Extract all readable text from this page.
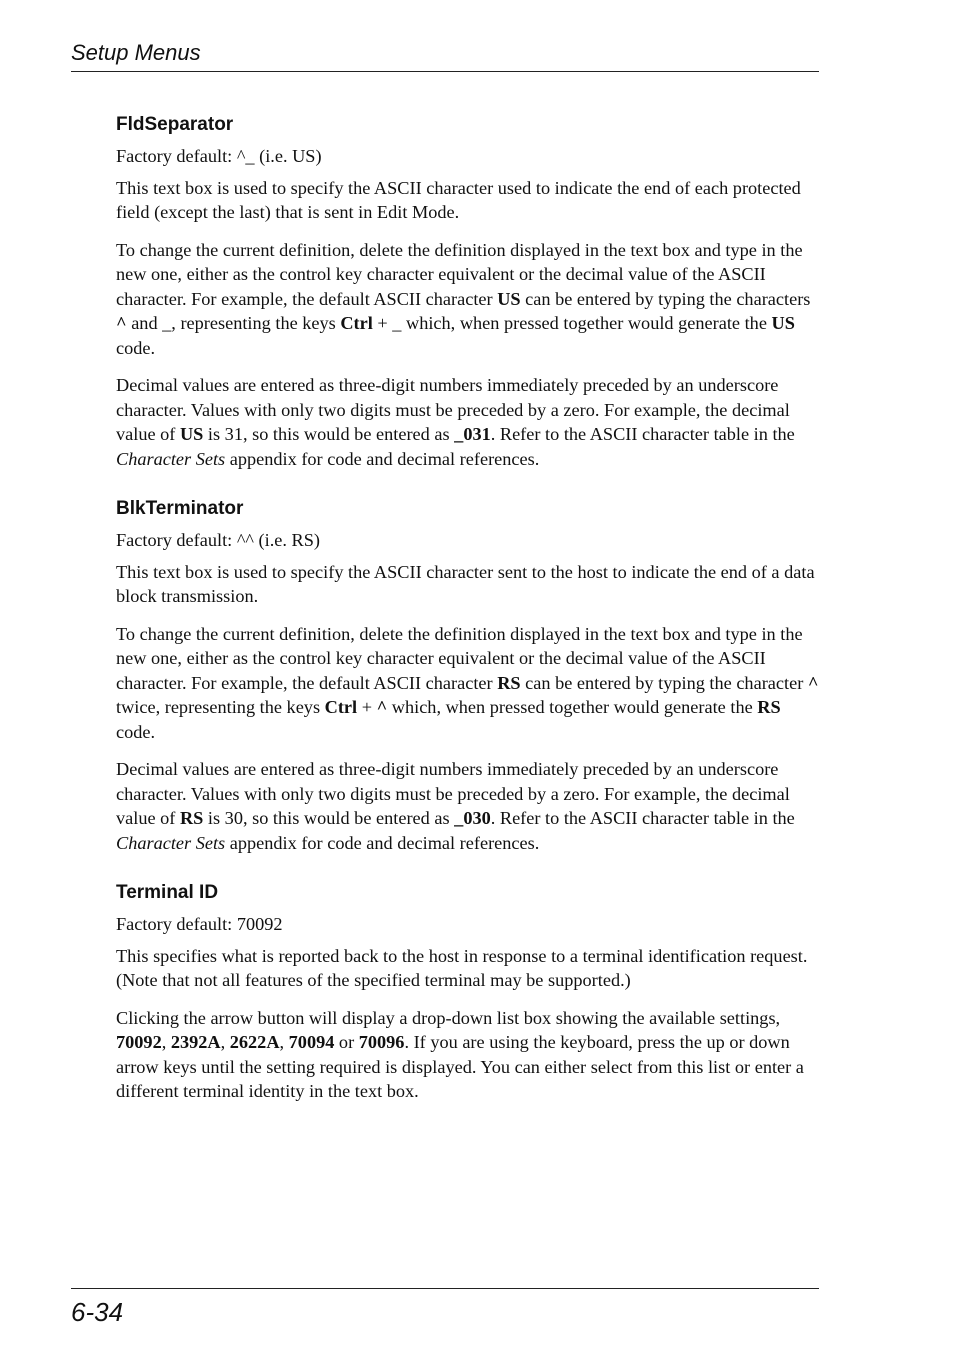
Setup Menus
FldSeparator
Factory default: ^_ (i.e. US)

This text box is used to specify the ASCII character used to indicate the end of each protected field (except the last) that is sent in Edit Mode.

To change the current definition, delete the definition displayed in the text box and type in the new one, either as the control key character equivalent or the decimal value of the ASCII character. For example, the default ASCII character US can be entered by typing the characters ^ and _, representing the keys Ctrl + _ which, when pressed together would generate the US code.

Decimal values are entered as three-digit numbers immediately preceded by an underscore character. Values with only two digits must be preceded by a zero. For example, the decimal value of US is 31, so this would be entered as _031. Refer to the ASCII character table in the Character Sets appendix for code and decimal references.

BlkTerminator
Factory default: ^^ (i.e. RS)

This text box is used to specify the ASCII character sent to the host to indicate the end of a data block transmission.

To change the current definition, delete the definition displayed in the text box and type in the new one, either as the control key character equivalent or the decimal value of the ASCII character. For example, the default ASCII character RS can be entered by typing the character ^ twice, representing the keys Ctrl + ^ which, when pressed together would generate the RS code.

Decimal values are entered as three-digit numbers immediately preceded by an underscore character. Values with only two digits must be preceded by a zero. For example, the decimal value of RS is 30, so this would be entered as _030. Refer to the ASCII character table in the Character Sets appendix for code and decimal references.

Terminal ID
Factory default: 70092

This specifies what is reported back to the host in response to a terminal identification request. (Note that not all features of the specified terminal may be supported.)

Clicking the arrow button will display a drop-down list box showing the available settings, 70092, 2392A, 2622A, 70094 or 70096. If you are using the keyboard, press the up or down arrow keys until the setting required is displayed. You can either select from this list or enter a different terminal identity in the text box.

6-34
